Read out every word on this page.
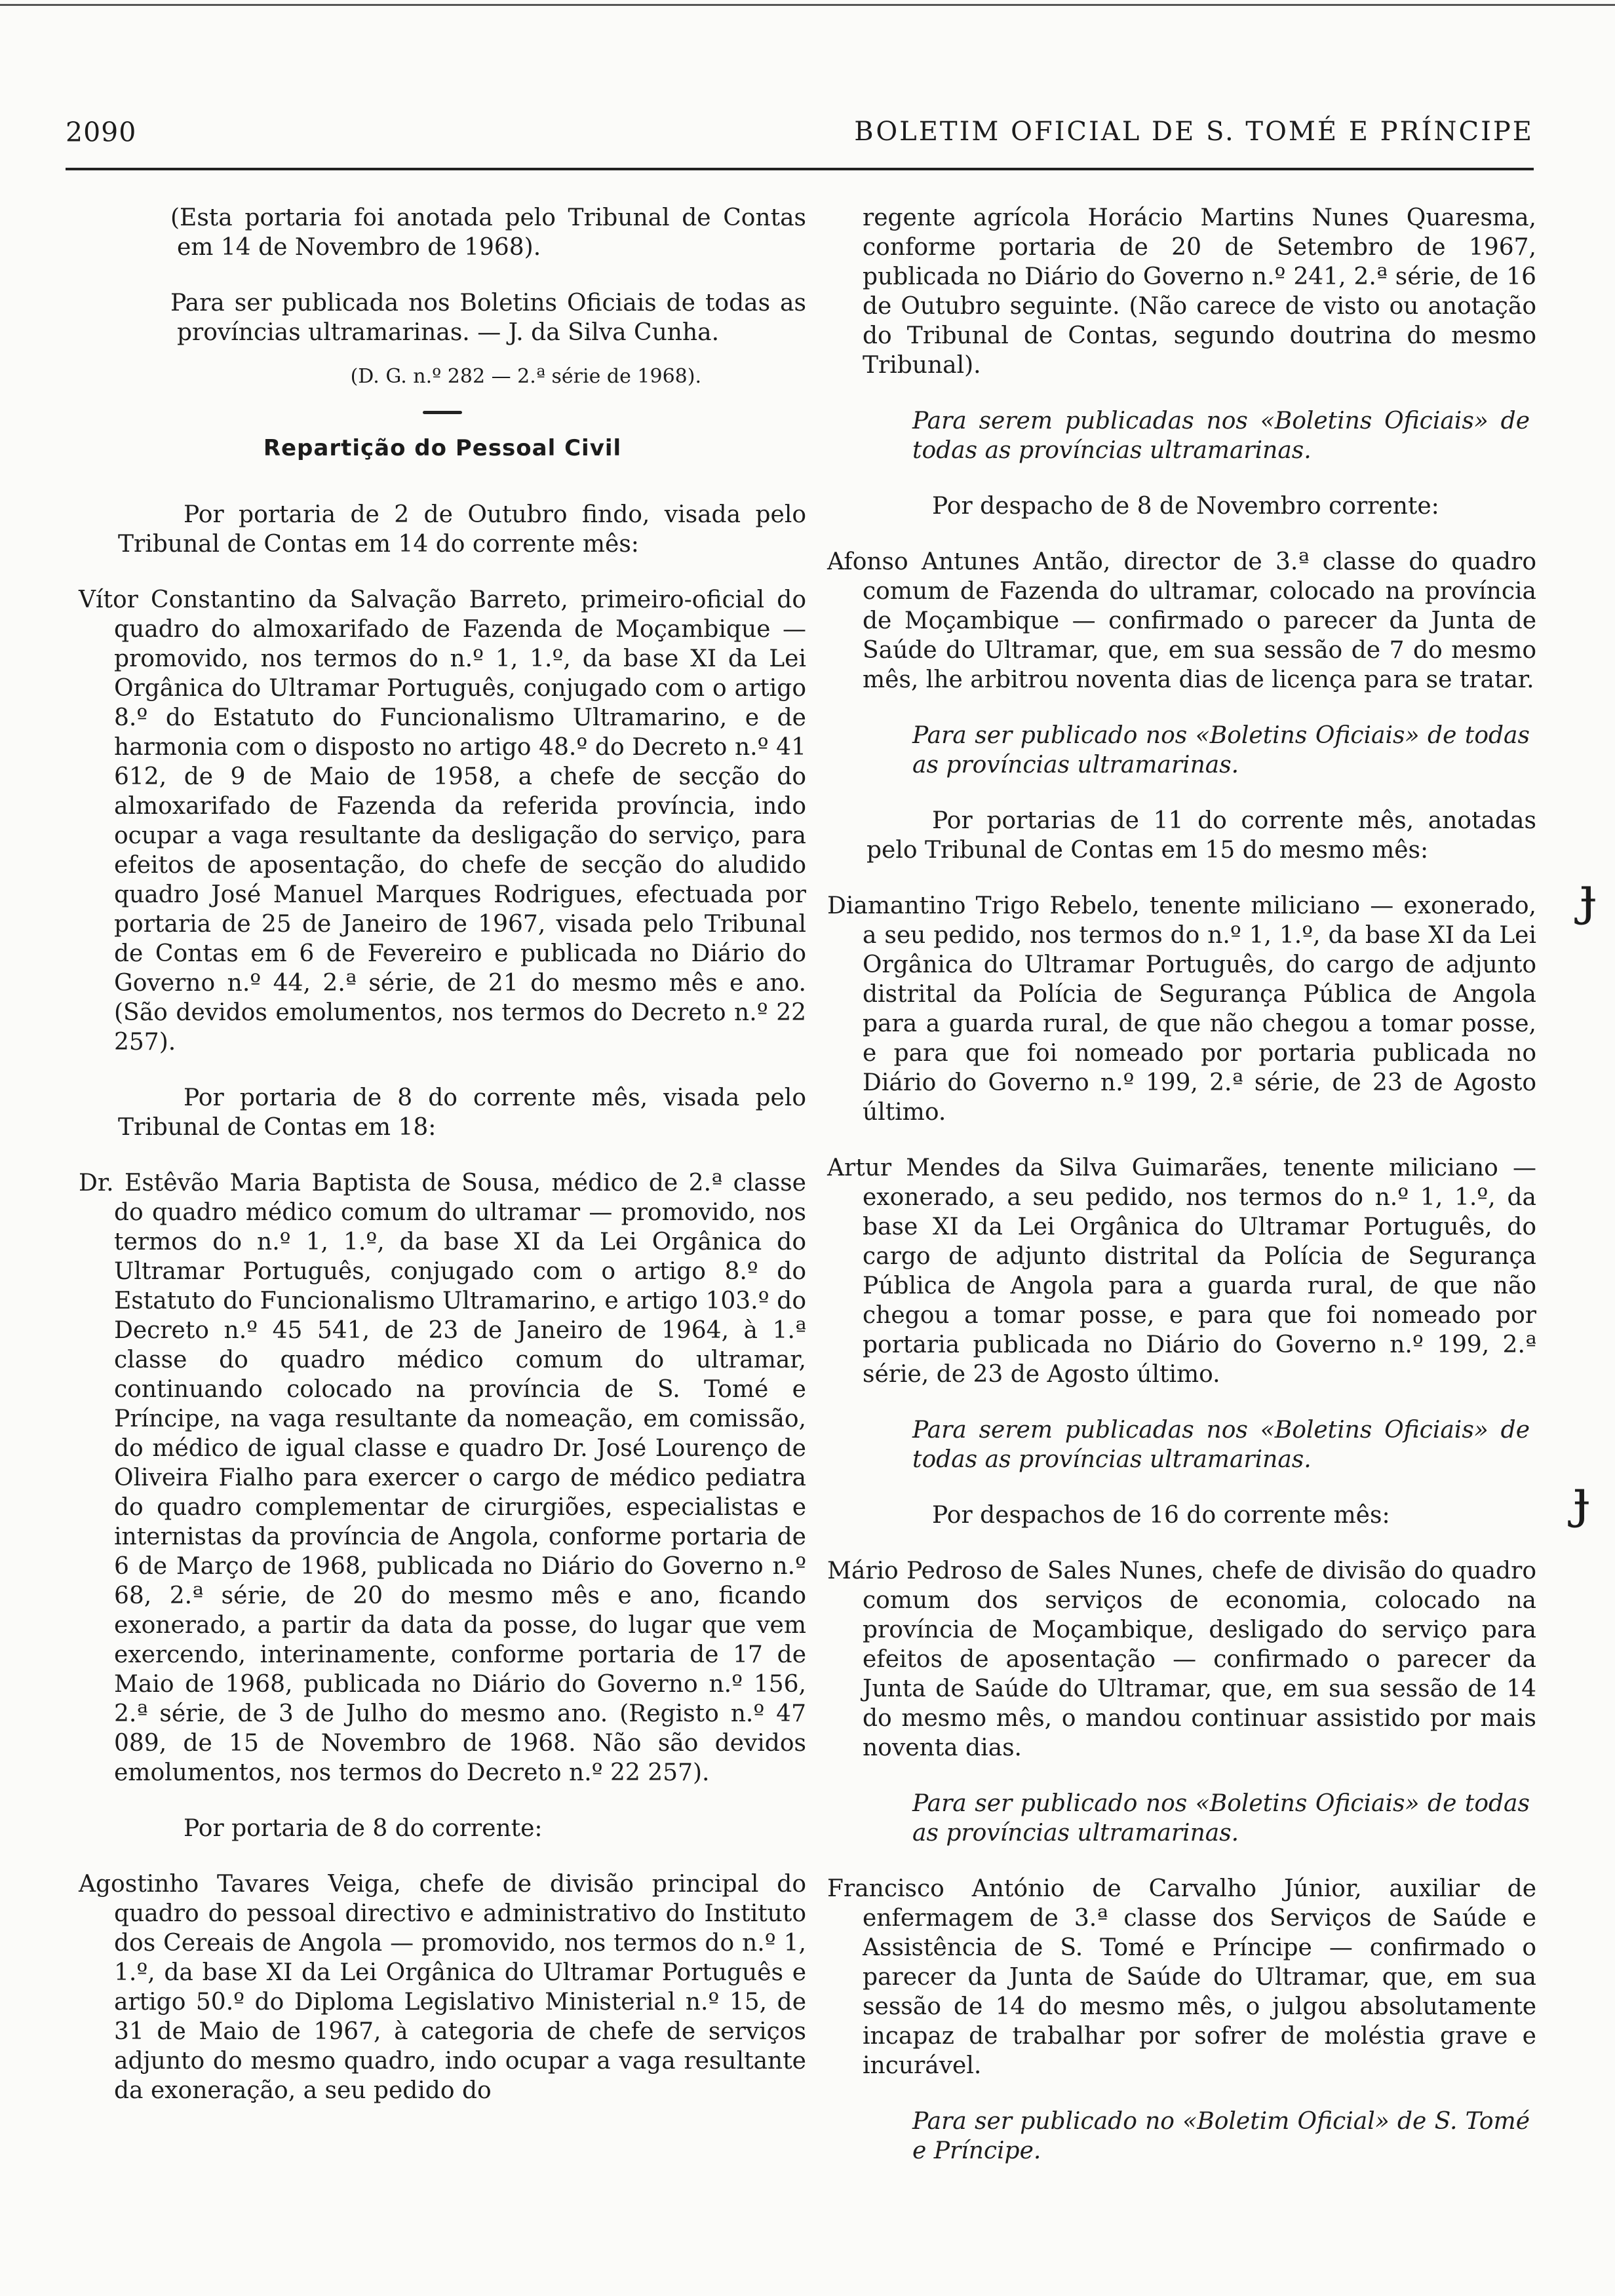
2090	BOLETIM OFICIAL DE S. TOMÉ E PRÍNCIPE

(Esta portaria foi anotada pelo Tribunal de Contas em 14 de Novembro de 1968).

Para ser publicada nos Boletins Oficiais de todas as províncias ultramarinas. — J. da Silva Cunha.

(D. G. n.º 282 — 2.ª série de 1968).

Repartição do Pessoal Civil

Por portaria de 2 de Outubro findo, visada pelo Tribunal de Contas em 14 do corrente mês:

Vítor Constantino da Salvação Barreto, primeiro-oficial do quadro do almoxarifado de Fazenda de Moçambique — promovido, nos termos do n.º 1, 1.º, da base XI da Lei Orgânica do Ultramar Português, conjugado com o artigo 8.º do Estatuto do Funcionalismo Ultramarino, e de harmonia com o disposto no artigo 48.º do Decreto n.º 41 612, de 9 de Maio de 1958, a chefe de secção do almoxarifado de Fazenda da referida província, indo ocupar a vaga resultante da desligação do serviço, para efeitos de aposentação, do chefe de secção do aludido quadro José Manuel Marques Rodrigues, efectuada por portaria de 25 de Janeiro de 1967, visada pelo Tribunal de Contas em 6 de Fevereiro e publicada no Diário do Governo n.º 44, 2.ª série, de 21 do mesmo mês e ano. (São devidos emolumentos, nos termos do Decreto n.º 22 257).

Por portaria de 8 do corrente mês, visada pelo Tribunal de Contas em 18:

Dr. Estêvão Maria Baptista de Sousa, médico de 2.ª classe do quadro médico comum do ultramar — promovido, nos termos do n.º 1, 1.º, da base XI da Lei Orgânica do Ultramar Português, conjugado com o artigo 8.º do Estatuto do Funcionalismo Ultramarino, e artigo 103.º do Decreto n.º 45 541, de 23 de Janeiro de 1964, à 1.ª classe do quadro médico comum do ultramar, continuando colocado na província de S. Tomé e Príncipe, na vaga resultante da nomeação, em comissão, do médico de igual classe e quadro Dr. José Lourenço de Oliveira Fialho para exercer o cargo de médico pediatra do quadro complementar de cirurgiões, especialistas e internistas da província de Angola, conforme portaria de 6 de Março de 1968, publicada no Diário do Governo n.º 68, 2.ª série, de 20 do mesmo mês e ano, ficando exonerado, a partir da data da posse, do lugar que vem exercendo, interinamente, conforme portaria de 17 de Maio de 1968, publicada no Diário do Governo n.º 156, 2.ª série, de 3 de Julho do mesmo ano. (Registo n.º 47 089, de 15 de Novembro de 1968. Não são devidos emolumentos, nos termos do Decreto n.º 22 257).

Por portaria de 8 do corrente:

Agostinho Tavares Veiga, chefe de divisão principal do quadro do pessoal directivo e administrativo do Instituto dos Cereais de Angola — promovido, nos termos do n.º 1, 1.º, da base XI da Lei Orgânica do Ultramar Português e artigo 50.º do Diploma Legislativo Ministerial n.º 15, de 31 de Maio de 1967, à categoria de chefe de serviços adjunto do mesmo quadro, indo ocupar a vaga resultante da exoneração, a seu pedido do

regente agrícola Horácio Martins Nunes Quaresma, conforme portaria de 20 de Setembro de 1967, publicada no Diário do Governo n.º 241, 2.ª série, de 16 de Outubro seguinte. (Não carece de visto ou anotação do Tribunal de Contas, segundo doutrina do mesmo Tribunal).

Para serem publicadas nos «Boletins Oficiais» de todas as províncias ultramarinas.

Por despacho de 8 de Novembro corrente:

Afonso Antunes Antão, director de 3.ª classe do quadro comum de Fazenda do ultramar, colocado na província de Moçambique — confirmado o parecer da Junta de Saúde do Ultramar, que, em sua sessão de 7 do mesmo mês, lhe arbitrou noventa dias de licença para se tratar.

Para ser publicado nos «Boletins Oficiais» de todas as províncias ultramarinas.

Por portarias de 11 do corrente mês, anotadas pelo Tribunal de Contas em 15 do mesmo mês:

Diamantino Trigo Rebelo, tenente miliciano — exonerado, a seu pedido, nos termos do n.º 1, 1.º, da base XI da Lei Orgânica do Ultramar Português, do cargo de adjunto distrital da Polícia de Segurança Pública de Angola para a guarda rural, de que não chegou a tomar posse, e para que foi nomeado por portaria publicada no Diário do Governo n.º 199, 2.ª série, de 23 de Agosto último.

Artur Mendes da Silva Guimarães, tenente miliciano — exonerado, a seu pedido, nos termos do n.º 1, 1.º, da base XI da Lei Orgânica do Ultramar Português, do cargo de adjunto distrital da Polícia de Segurança Pública de Angola para a guarda rural, de que não chegou a tomar posse, e para que foi nomeado por portaria publicada no Diário do Governo n.º 199, 2.ª série, de 23 de Agosto último.

Para serem publicadas nos «Boletins Oficiais» de todas as províncias ultramarinas.

Por despachos de 16 do corrente mês:

Mário Pedroso de Sales Nunes, chefe de divisão do quadro comum dos serviços de economia, colocado na província de Moçambique, desligado do serviço para efeitos de aposentação — confirmado o parecer da Junta de Saúde do Ultramar, que, em sua sessão de 14 do mesmo mês, o mandou continuar assistido por mais noventa dias.

Para ser publicado nos «Boletins Oficiais» de todas as províncias ultramarinas.

Francisco António de Carvalho Júnior, auxiliar de enfermagem de 3.ª classe dos Serviços de Saúde e Assistência de S. Tomé e Príncipe — confirmado o parecer da Junta de Saúde do Ultramar, que, em sua sessão de 14 do mesmo mês, o julgou absolutamente incapaz de trabalhar por sofrer de moléstia grave e incurável.

Para ser publicado no «Boletim Oficial» de S. Tomé e Príncipe.

ɟ
ɟ
